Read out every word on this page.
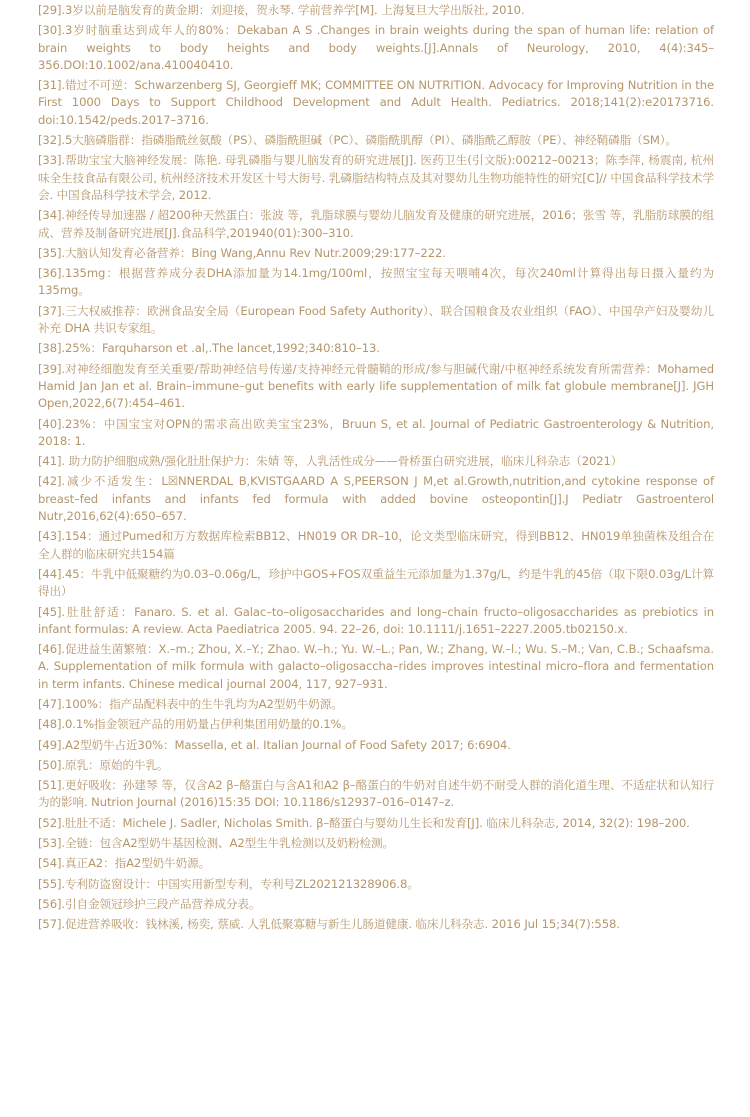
[29].3岁以前是脑发育的黄金期：刘迎接，贺永琴. 学前营养学[M]. 上海复旦大学出版社, 2010.
[30].3岁时脑重达到成年人的80%：Dekaban A S .Changes in brain weights during the span of human life: relation of brain weights to body heights and body weights.[J].Annals of Neurology, 2010, 4(4):345–356.DOI:10.1002/ana.410040410.
[31].错过不可逆：Schwarzenberg SJ, Georgieff MK; COMMITTEE ON NUTRITION. Advocacy for Improving Nutrition in the First 1000 Days to Support Childhood Development and Adult Health. Pediatrics. 2018;141(2):e20173716. doi:10.1542/peds.2017–3716.
[32].5大脑磷脂群：指磷脂酰丝氨酸（PS）、磷脂酰胆碱（PC）、磷脂酰肌醇（PI）、磷脂酰乙醇胺（PE）、神经鞘磷脂（SM）。
[33].帮助宝宝大脑神经发展：陈艳. 母乳磷脂与婴儿脑发育的研究进展[J]. 医药卫生(引文版):00212–00213；陈李萍, 杨震南, 杭州味全生技食品有限公司, 杭州经济技术开发区十号大街号. 乳磷脂结构特点及其对婴幼儿生物功能特性的研究[C]// 中国食品科学技术学会. 中国食品科学技术学会, 2012.
[34].神经传导加速器 / 超200种天然蛋白：张波 等，乳脂球膜与婴幼儿脑发育及健康的研究进展，2016；张雪 等，乳脂肪球膜的组成、营养及制备研究进展[J].食品科学,201940(01):300–310.
[35].大脑认知发育必备营养：Bing Wang,Annu Rev Nutr.2009;29:177–222.
[36].135mg：根据营养成分表DHA添加量为14.1mg/100ml，按照宝宝每天喂哺4次，每次240ml计算得出每日摄入量约为135mg。
[37].三大权威推荐：欧洲食品安全局（European Food Safety Authority）、联合国粮食及农业组织（FAO）、中国孕产妇及婴幼儿补充 DHA 共识专家组。
[38].25%：Farquharson et .al,.The lancet,1992;340:810–13.
[39].对神经细胞发育至关重要/帮助神经信号传递/支持神经元骨髓鞘的形成/参与胆碱代谢/中枢神经系统发育所需营养：Mohamed Hamid Jan Jan et al. Brain–immune–gut benefits with early life supplementation of milk fat globule membrane[J]. JGH Open,2022,6(7):454–461.
[40].23%：中国宝宝对OPN的需求高出欧美宝宝23%，Bruun S, et al. Journal of Pediatric Gastroenterology & Nutrition, 2018: 1.
[41]. 助力防护细胞成熟/强化肚肚保护力：朱婧 等，人乳活性成分——骨桥蛋白研究进展，临床儿科杂志（2021）
[42].减少不适发生：L☒NNERDAL B,KVISTGAARD A S,PEERSON J M,et al.Growth,nutrition,and cytokine response of breast–fed infants and infants fed formula with added bovine osteopontin[J].J Pediatr Gastroenterol Nutr,2016,62(4):650–657.
[43].154：通过Pumed和万方数据库检索BB12、HN019 OR DR–10，论文类型临床研究，得到BB12、HN019单独菌株及组合在全人群的临床研究共154篇
[44].45：牛乳中低聚糖约为0.03–0.06g/L，珍护中GOS+FOS双重益生元添加量为1.37g/L，约是牛乳的45倍（取下限0.03g/L计算得出）
[45].肚肚舒适：Fanaro. S. et al. Galac–to–oligosaccharides and long–chain fructo–oligosaccharides as prebiotics in infant formulas: A review. Acta Paediatrica 2005. 94. 22–26, doi: 10.1111/j.1651–2227.2005.tb02150.x.
[46].促进益生菌繁殖：X.–m.; Zhou, X.–Y.; Zhao. W.–h.; Yu. W.–L.; Pan, W.; Zhang, W.–l.; Wu. S.–M.; Van, C.B.; Schaafsma. A. Supplementation of milk formula with galacto–oligosaccha–rides improves intestinal micro–flora and fermentation in term infants. Chinese medical journal 2004, 117, 927–931.
[47].100%：指产品配料表中的生牛乳均为A2型奶牛奶源。
[48].0.1%指金领冠产品的用奶量占伊利集团用奶量的0.1%。
[49].A2型奶牛占近30%：Massella, et al. Italian Journal of Food Safety 2017; 6:6904.
[50].原乳：原始的牛乳。
[51].更好吸收：孙建琴 等，仅含A2 β–酪蛋白与含A1和A2 β–酪蛋白的牛奶对自述牛奶不耐受人群的消化道生理、不适症状和认知行为的影响. Nutrion Journal (2016)15:35 DOI: 10.1186/s12937–016–0147–z.
[52].肚肚不适：Michele J. Sadler, Nicholas Smith. β–酪蛋白与婴幼儿生长和发育[J]. 临床儿科杂志, 2014, 32(2): 198–200.
[53].全链：包含A2型奶牛基因检测、A2型生牛乳检测以及奶粉检测。
[54].真正A2：指A2型奶牛奶源。
[55].专利防盗窗设计：中国实用新型专利，专利号ZL202121328906.8。
[56].引自金领冠珍护三段产品营养成分表。
[57].促进营养吸收：钱林溪, 杨奕, 蔡威. 人乳低聚寡糖与新生儿肠道健康. 临床儿科杂志. 2016 Jul 15;34(7):558.
